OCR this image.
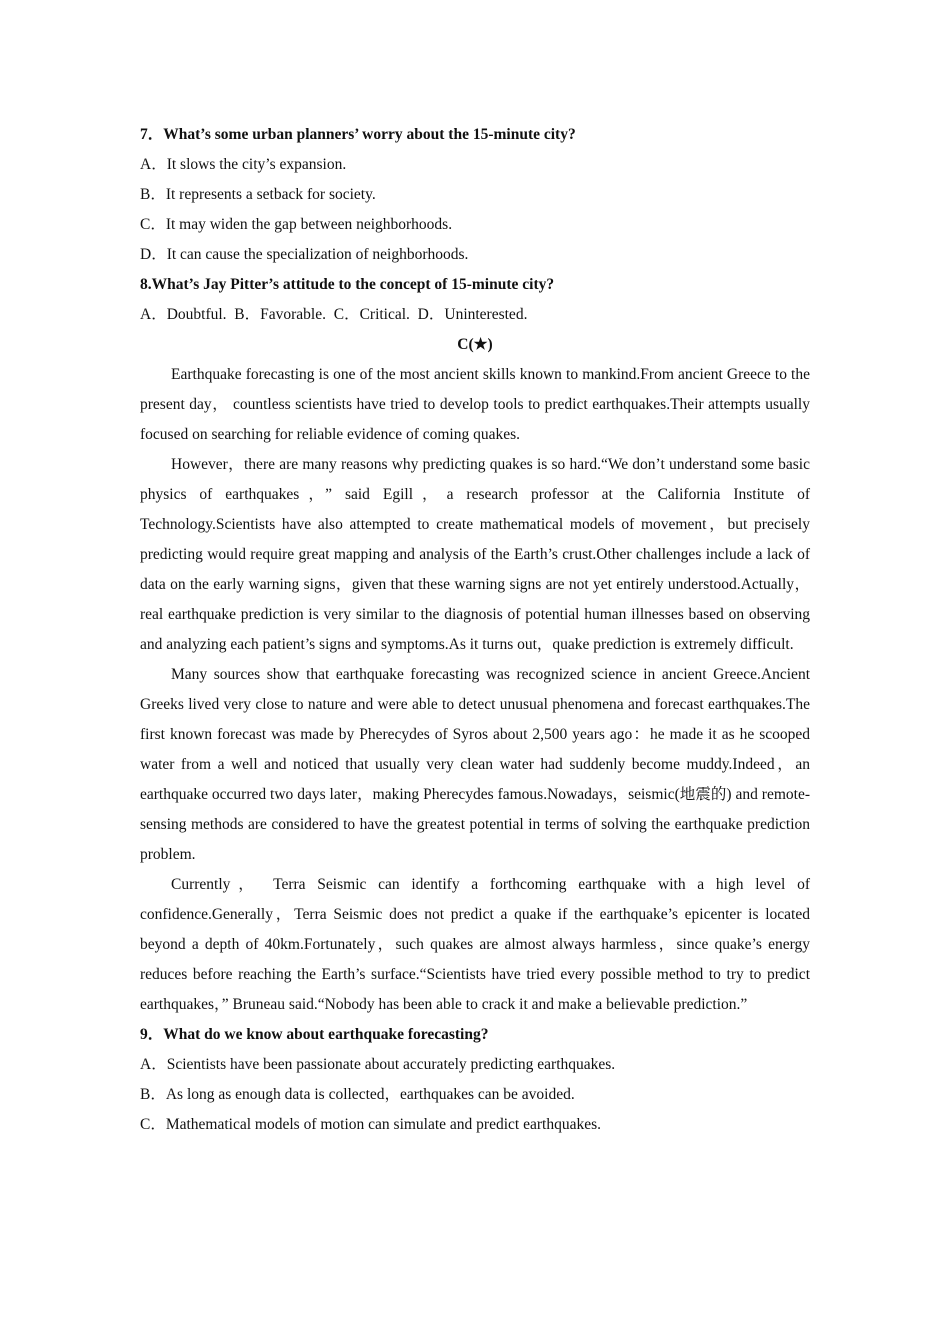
7．What’s some urban planners’ worry about the 15-minute city?

A．It slows the city’s expansion.

B．It represents a setback for society.

C．It may widen the gap between neighborhoods.

D．It can cause the specialization of neighborhoods.

8.What’s Jay Pitter’s attitude to the concept of 15-minute city?

A．Doubtful.  B．Favorable.  C．Critical.  D．Uninterested.

C(★)

Earthquake forecasting is one of the most ancient skills known to mankind.From ancient Greece to the present day， countless scientists have tried to develop tools to predict earthquakes.Their attempts usually focused on searching for reliable evidence of coming quakes.

However，there are many reasons why predicting quakes is so hard.“We don’t understand some basic physics of earthquakes，” said Egill，a research professor at the California Institute of Technology.Scientists have also attempted to create mathematical models of movement，but precisely predicting would require great mapping and analysis of the Earth’s crust.Other challenges include a lack of data on the early warning signs，given that these warning signs are not yet entirely understood.Actually，real earthquake prediction is very similar to the diagnosis of potential human illnesses based on observing and analyzing each patient’s signs and symptoms.As it turns out，quake prediction is extremely difficult.

Many sources show that earthquake forecasting was recognized science in ancient Greece.Ancient Greeks lived very close to nature and were able to detect unusual phenomena and forecast earthquakes.The first known forecast was made by Pherecydes of Syros about 2,500 years ago：he made it as he scooped water from a well and noticed that usually very clean water had suddenly become muddy.Indeed，an earthquake occurred two days later，making Pherecydes famous.Nowadays，seismic(地震的) and remote-sensing methods are considered to have the greatest potential in terms of solving the earthquake prediction problem.

Currently， Terra Seismic can identify a forthcoming earthquake with a high level of confidence.Generally，Terra Seismic does not predict a quake if the earthquake’s epicenter is located beyond a depth of 40km.Fortunately，such quakes are almost always harmless，since quake’s energy reduces before reaching the Earth’s surface.“Scientists have tried every possible method to try to predict earthquakes，” Bruneau said.“Nobody has been able to crack it and make a believable prediction.”

9．What do we know about earthquake forecasting?

A．Scientists have been passionate about accurately predicting earthquakes.

B．As long as enough data is collected，earthquakes can be avoided.

C．Mathematical models of motion can simulate and predict earthquakes.
